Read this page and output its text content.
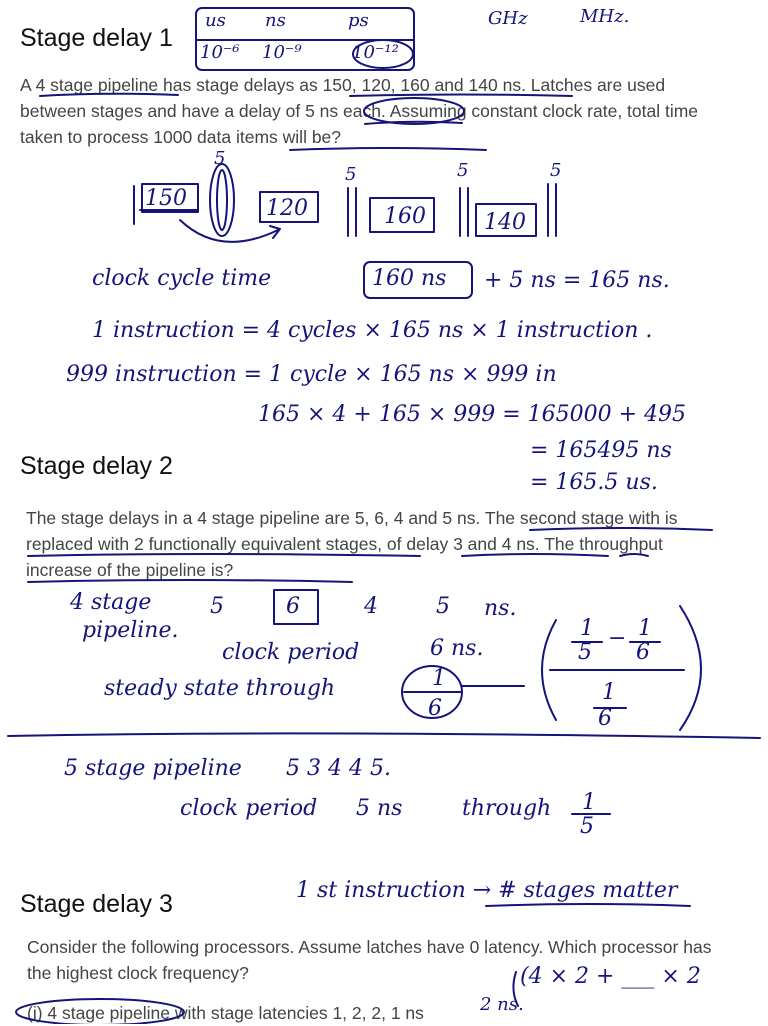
Stage delay 1

A 4 stage pipeline has stage delays as 150, 120, 160 and 140 ns. Latches are used between stages and have a delay of 5 ns each. Assuming constant clock rate, total time taken to process 1000 data items will be?

us ns	ps
10⁻⁶ 10⁻⁹	10⁻¹²
GHz	MHz.
150	120	160	140
5
5	5	5
clock cycle time	160 ns + 5 ns = 165 ns.
1 instruction = 4 cycles × 165 ns × 1 instruction .
999 instruction = 1 cycle × 165 ns × 999 in
165 × 4 + 165 × 999 = 165000 + 495
= 165495 ns
= 165.5 us.
Stage delay 2

The stage delays in a 4 stage pipeline are 5, 6, 4 and 5 ns. The second stage with is replaced with 2 functionally equivalent stages, of delay 3 and 4 ns. The throughput increase of the pipeline is?

4 stage
pipeline.
5	6	4	5 ns.
clock period	6 ns.
steady state through	1
6
1 − 1
5 6
1
6
5 stage pipeline 5 3 4 4 5.
clock period 5 ns	through 1
5
Stage delay 3	1 st instruction → # stages matter

Consider the following processors. Assume latches have 0 latency. Which processor has the highest clock frequency?

(i) 4 stage pipeline with stage latencies 1, 2, 2, 1 ns

(4 × 2 + ___ × 2
2 ns.
